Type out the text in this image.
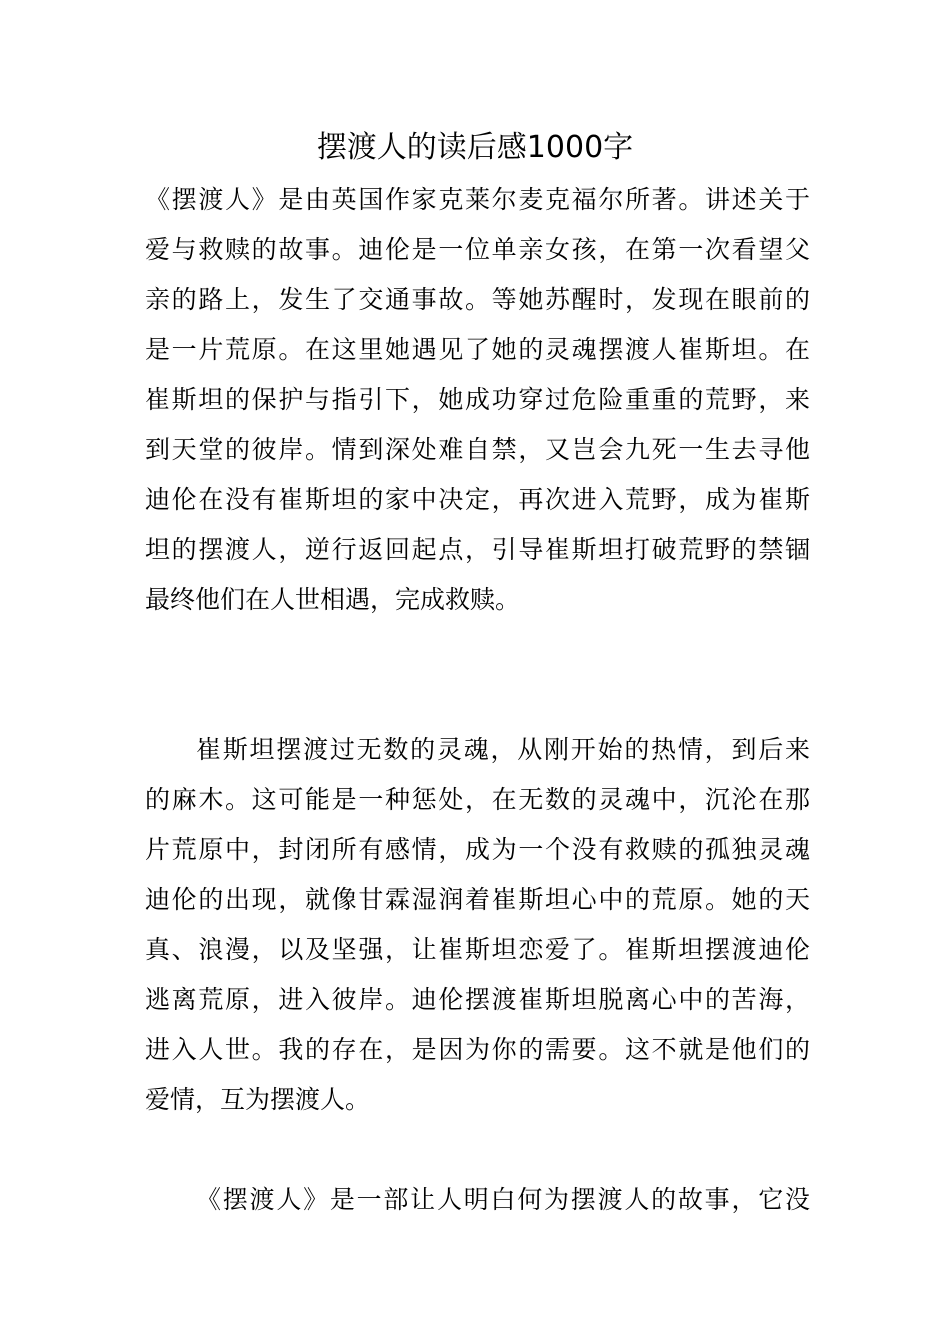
摆渡人的读后感1000字
《摆渡人》是由英国作家克莱尔麦克福尔所著。讲述关于
爱与救赎的故事。迪伦是一位单亲女孩，在第一次看望父
亲的路上，发生了交通事故。等她苏醒时，发现在眼前的
是一片荒原。在这里她遇见了她的灵魂摆渡人崔斯坦。在
崔斯坦的保护与指引下，她成功穿过危险重重的荒野，来
到天堂的彼岸。情到深处难自禁，又岂会九死一生去寻他
迪伦在没有崔斯坦的家中决定，再次进入荒野，成为崔斯
坦的摆渡人，逆行返回起点，引导崔斯坦打破荒野的禁锢
最终他们在人世相遇，完成救赎。
崔斯坦摆渡过无数的灵魂，从刚开始的热情，到后来
的麻木。这可能是一种惩处，在无数的灵魂中，沉沦在那
片荒原中，封闭所有感情，成为一个没有救赎的孤独灵魂
迪伦的出现，就像甘霖湿润着崔斯坦心中的荒原。她的天
真、浪漫，以及坚强，让崔斯坦恋爱了。崔斯坦摆渡迪伦
逃离荒原，进入彼岸。迪伦摆渡崔斯坦脱离心中的苦海，
进入人世。我的存在，是因为你的需要。这不就是他们的
爱情，互为摆渡人。
《摆渡人》是一部让人明白何为摆渡人的故事，它没
